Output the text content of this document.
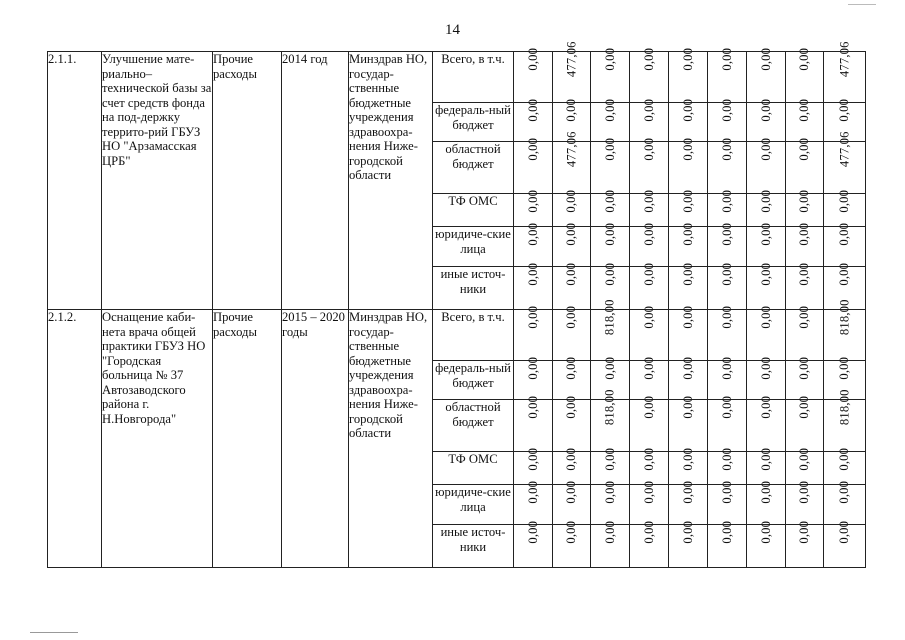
14
2.1.1.	Улучшение мате-риально–технической базы за счет средств фонда на под-держку террито-рий ГБУЗ НО "Арзамасская ЦРБ"	Прочие расходы	2014 год	Минздрав НО, государ-ственные бюджетные учреждения здравоохра-нения Ниже-городской области	Всего, в т.ч.	0,00	477,06	0,00	0,00	0,00	0,00	0,00	0,00	477,06
					федераль-ный бюджет	0,00	0,00	0,00	0,00	0,00	0,00	0,00	0,00	0,00
					областной бюджет	0,00	477,06	0,00	0,00	0,00	0,00	0,00	0,00	477,06
					ТФ ОМС	0,00	0,00	0,00	0,00	0,00	0,00	0,00	0,00	0,00
					юридиче-ские лица	0,00	0,00	0,00	0,00	0,00	0,00	0,00	0,00	0,00
					иные источ-ники	0,00	0,00	0,00	0,00	0,00	0,00	0,00	0,00	0,00
2.1.2.	Оснащение каби-нета врача общей практики ГБУЗ НО "Городская больница № 37 Автозаводского района г. Н.Новгорода"	Прочие расходы	2015 – 2020 годы	Минздрав НО, государ-ственные бюджетные учреждения здравоохра-нения Ниже-городской области	Всего, в т.ч.	0,00	0,00	818,00	0,00	0,00	0,00	0,00	0,00	818,00
					федераль-ный бюджет	0,00	0,00	0,00	0,00	0,00	0,00	0,00	0,00	0,00
					областной бюджет	0,00	0,00	818,00	0,00	0,00	0,00	0,00	0,00	818,00
					ТФ ОМС	0,00	0,00	0,00	0,00	0,00	0,00	0,00	0,00	0,00
					юридиче-ские лица	0,00	0,00	0,00	0,00	0,00	0,00	0,00	0,00	0,00
					иные источ-ники	0,00	0,00	0,00	0,00	0,00	0,00	0,00	0,00	0,00
